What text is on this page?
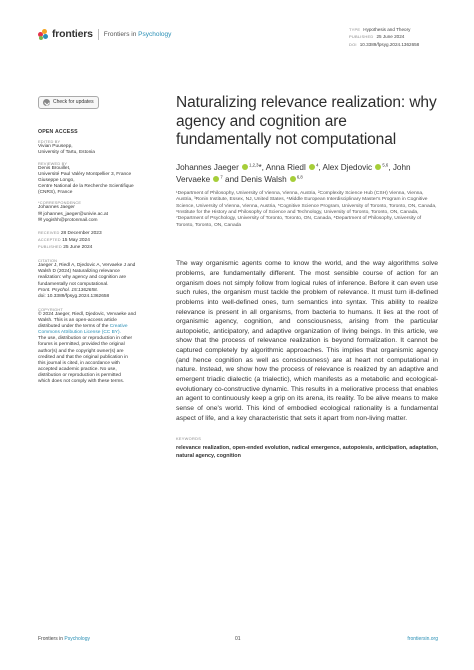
frontiers Frontiers in Psychology
TYPE Hypothesis and Theory
PUBLISHED 25 June 2024
DOI 10.3389/fpsyg.2024.1362658
Check for updates
OPEN ACCESS
EDITED BY
Vivian Puusepp,
University of Tartu, Estonia
REVIEWED BY
Denis Brouillet,
Université Paul Valéry Montpellier 3, France
Giuseppe Longo,
Centre National de la Recherche Scientifique
(CNRS), France
*CORRESPONDENCE
Johannes Jaeger
✉ johannes_jaeger@univie.ac.at
✉ yogishh@protonmail.com
RECEIVED 28 December 2023
ACCEPTED 15 May 2024
PUBLISHED 25 June 2024
CITATION
Jaeger J, Riedl A, Djedovic A, Vervaeke J and
Walsh D (2024) Naturalizing relevance
realization: why agency and cognition are
fundamentally not computational.
Front. Psychol. 15:1362658.
doi: 10.3389/fpsyg.2024.1362658
COPYRIGHT
© 2024 Jaeger, Riedl, Djedovic, Vervaeke and
Walsh. This is an open-access article
distributed under the terms of the Creative
Commons Attribution License (CC BY).
The use, distribution or reproduction in other
forums is permitted, provided the original
author(s) and the copyright owner(s) are
credited and that the original publication in
this journal is cited, in accordance with
accepted academic practice. No use,
distribution or reproduction is permitted
which does not comply with these terms.
Naturalizing relevance realization: why agency and cognition are fundamentally not computational
Johannes Jaeger $^{1,2,3}$*, Anna Riedl $^4$, Alex Djedovic $^{5,6}$, John Vervaeke $^7$ and Denis Walsh $^{6,8}$
¹Department of Philosophy, University of Vienna, Vienna, Austria, ²Complexity Science Hub (CSH) Vienna, Vienna, Austria, ³Ronin Institute, Essex, NJ, United States, ⁴Middle European Interdisciplinary Master's Program in Cognitive Science, University of Vienna, Vienna, Austria, ⁵Cognitive Science Program, University of Toronto, Toronto, ON, Canada, ⁶Institute for the History and Philosophy of Science and Technology, University of Toronto, Toronto, ON, Canada, ⁷Department of Psychology, University of Toronto, Toronto, ON, Canada, ⁸Department of Philosophy, University of Toronto, Toronto, ON, Canada
The way organismic agents come to know the world, and the way algorithms solve problems, are fundamentally different. The most sensible course of action for an organism does not simply follow from logical rules of inference. Before it can even use such rules, the organism must tackle the problem of relevance. It must turn ill-defined problems into well-defined ones, turn semantics into syntax. This ability to realize relevance is present in all organisms, from bacteria to humans. It lies at the root of organismic agency, cognition, and consciousness, arising from the particular autopoietic, anticipatory, and adaptive organization of living beings. In this article, we show that the process of relevance realization is beyond formalization. It cannot be captured completely by algorithmic approaches. This implies that organismic agency (and hence cognition as well as consciousness) are at heart not computational in nature. Instead, we show how the process of relevance is realized by an adaptive and emergent triadic dialectic (a trialectic), which manifests as a metabolic and ecological-evolutionary co-constructive dynamic. This results in a meliorative process that enables an agent to continuously keep a grip on its arena, its reality. To be alive means to make sense of one's world. This kind of embodied ecological rationality is a fundamental aspect of life, and a key characteristic that sets it apart from non-living matter.
KEYWORDS
relevance realization, open-ended evolution, radical emergence, autopoiesis, anticipation, adaptation, natural agency, cognition
Frontiers in Psychology	01	frontiersin.org
